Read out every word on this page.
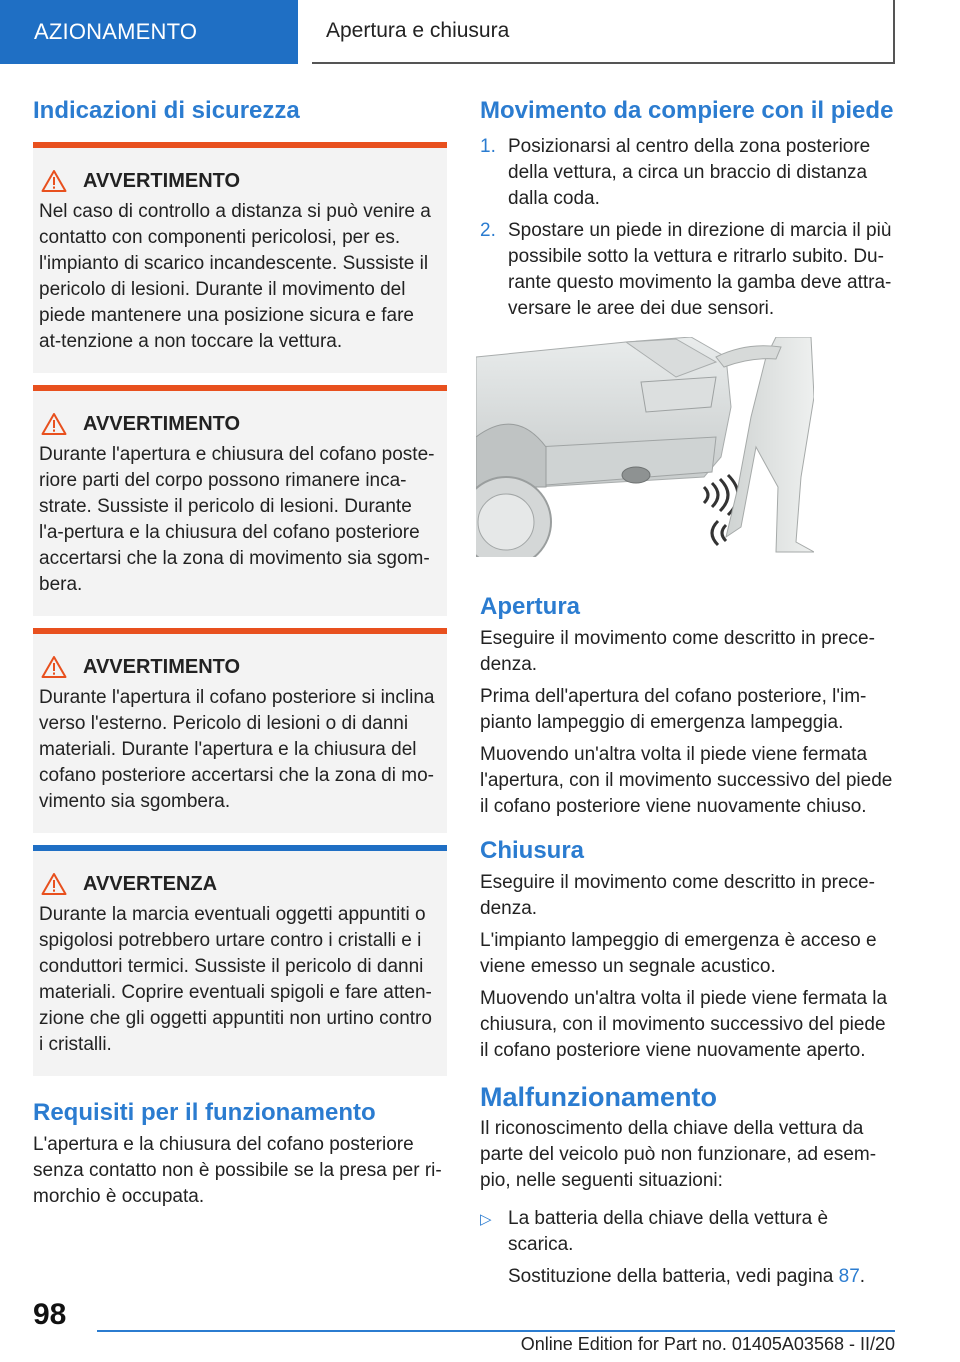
AZIONAMENTO	Apertura e chiusura
Indicazioni di sicurezza
AVVERTIMENTO

Nel caso di controllo a distanza si può venire a contatto con componenti pericolosi, per es. l'impianto di scarico incandescente. Sussiste il pericolo di lesioni. Durante il movimento del piede mantenere una posizione sicura e fare at-tenzione a non toccare la vettura.

AVVERTIMENTO

Durante l'apertura e chiusura del cofano poste-riore parti del corpo possono rimanere inca-strate. Sussiste il pericolo di lesioni. Durante l'a-pertura e la chiusura del cofano posteriore accertarsi che la zona di movimento sia sgom-bera.

AVVERTIMENTO

Durante l'apertura il cofano posteriore si inclina verso l'esterno. Pericolo di lesioni o di danni materiali. Durante l'apertura e la chiusura del cofano posteriore accertarsi che la zona di mo-vimento sia sgombera.

AVVERTENZA

Durante la marcia eventuali oggetti appuntiti o spigolosi potrebbero urtare contro i cristalli e i conduttori termici. Sussiste il pericolo di danni materiali. Coprire eventuali spigoli e fare atten-zione che gli oggetti appuntiti non urtino contro i cristalli.

Requisiti per il funzionamento

L'apertura e la chiusura del cofano posteriore senza contatto non è possibile se la presa per ri-morchio è occupata.

Movimento da compiere con il piede
1. Posizionarsi al centro della zona posteriore della vettura, a circa un braccio di distanza dalla coda.
2. Spostare un piede in direzione di marcia il più possibile sotto la vettura e ritrarlo subito. Du-rante questo movimento la gamba deve attra-versare le aree dei due sensori.
Apertura

Eseguire il movimento come descritto in prece-denza.

Prima dell'apertura del cofano posteriore, l'im-pianto lampeggio di emergenza lampeggia.

Muovendo un'altra volta il piede viene fermata l'apertura, con il movimento successivo del piede il cofano posteriore viene nuovamente chiuso.

Chiusura

Eseguire il movimento come descritto in prece-denza.

L'impianto lampeggio di emergenza è acceso e viene emesso un segnale acustico.

Muovendo un'altra volta il piede viene fermata la chiusura, con il movimento successivo del piede il cofano posteriore viene nuovamente aperto.

Malfunzionamento

Il riconoscimento della chiave della vettura da parte del veicolo può non funzionare, ad esem-pio, nelle seguenti situazioni:

▷ La batteria della chiave della vettura è scarica.

Sostituzione della batteria, vedi pagina 87.

98
Online Edition for Part no. 01405A03568 - II/20
